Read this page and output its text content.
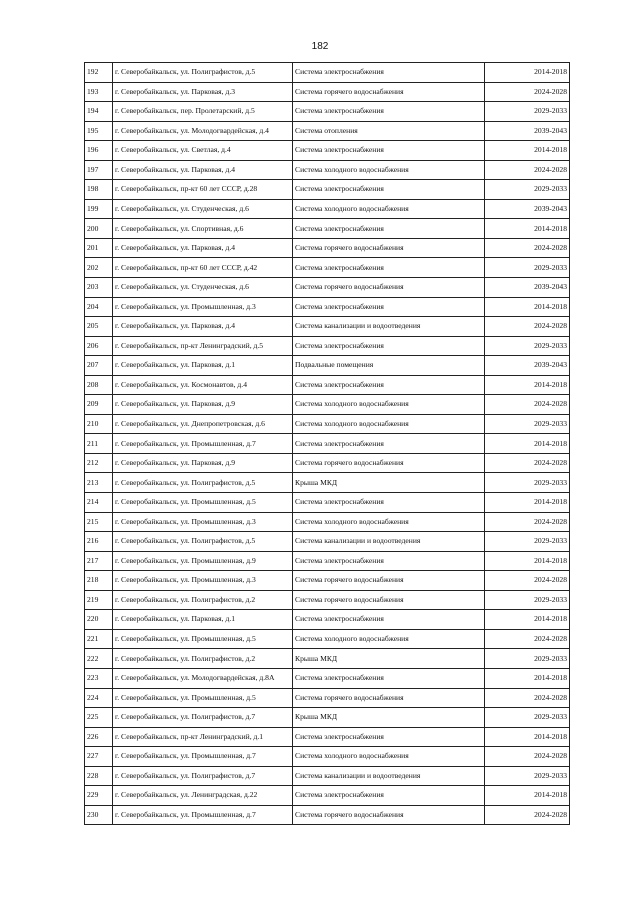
182
192	г. Северобайкальск, ул. Полиграфистов, д.5	Система электроснабжения	2014-2018
193	г. Северобайкальск, ул. Парковая, д.3	Система горячего водоснабжения	2024-2028
194	г. Северобайкальск, пер. Пролетарский, д.5	Система электроснабжения	2029-2033
195	г. Северобайкальск, ул. Молодогвардейская, д.4	Система отопления	2039-2043
196	г. Северобайкальск, ул. Светлая, д.4	Система электроснабжения	2014-2018
197	г. Северобайкальск, ул. Парковая, д.4	Система холодного водоснабжения	2024-2028
198	г. Северобайкальск, пр-кт 60 лет СССР, д.28	Система электроснабжения	2029-2033
199	г. Северобайкальск, ул. Студенческая, д.6	Система холодного водоснабжения	2039-2043
200	г. Северобайкальск, ул. Спортивная, д.6	Система электроснабжения	2014-2018
201	г. Северобайкальск, ул. Парковая, д.4	Система горячего водоснабжения	2024-2028
202	г. Северобайкальск, пр-кт 60 лет СССР, д.42	Система электроснабжения	2029-2033
203	г. Северобайкальск, ул. Студенческая, д.6	Система горячего водоснабжения	2039-2043
204	г. Северобайкальск, ул. Промышленная, д.3	Система электроснабжения	2014-2018
205	г. Северобайкальск, ул. Парковая, д.4	Система канализации и водоотведения	2024-2028
206	г. Северобайкальск, пр-кт Ленинградский, д.5	Система электроснабжения	2029-2033
207	г. Северобайкальск, ул. Парковая, д.1	Подвальные помещения	2039-2043
208	г. Северобайкальск, ул. Космонавтов, д.4	Система электроснабжения	2014-2018
209	г. Северобайкальск, ул. Парковая, д.9	Система холодного водоснабжения	2024-2028
210	г. Северобайкальск, ул. Днепропетровская, д.6	Система холодного водоснабжения	2029-2033
211	г. Северобайкальск, ул. Промышленная, д.7	Система электроснабжения	2014-2018
212	г. Северобайкальск, ул. Парковая, д.9	Система горячего водоснабжения	2024-2028
213	г. Северобайкальск, ул. Полиграфистов, д.5	Крыша МКД	2029-2033
214	г. Северобайкальск, ул. Промышленная, д.5	Система электроснабжения	2014-2018
215	г. Северобайкальск, ул. Промышленная, д.3	Система холодного водоснабжения	2024-2028
216	г. Северобайкальск, ул. Полиграфистов, д.5	Система канализации и водоотведения	2029-2033
217	г. Северобайкальск, ул. Промышленная, д.9	Система электроснабжения	2014-2018
218	г. Северобайкальск, ул. Промышленная, д.3	Система горячего водоснабжения	2024-2028
219	г. Северобайкальск, ул. Полиграфистов, д.2	Система горячего водоснабжения	2029-2033
220	г. Северобайкальск, ул. Парковая, д.1	Система электроснабжения	2014-2018
221	г. Северобайкальск, ул. Промышленная, д.5	Система холодного водоснабжения	2024-2028
222	г. Северобайкальск, ул. Полиграфистов, д.2	Крыша МКД	2029-2033
223	г. Северобайкальск, ул. Молодогвардейская, д.8А	Система электроснабжения	2014-2018
224	г. Северобайкальск, ул. Промышленная, д.5	Система горячего водоснабжения	2024-2028
225	г. Северобайкальск, ул. Полиграфистов, д.7	Крыша МКД	2029-2033
226	г. Северобайкальск, пр-кт Ленинградский, д.1	Система электроснабжения	2014-2018
227	г. Северобайкальск, ул. Промышленная, д.7	Система холодного водоснабжения	2024-2028
228	г. Северобайкальск, ул. Полиграфистов, д.7	Система канализации и водоотведения	2029-2033
229	г. Северобайкальск, ул. Ленинградская, д.22	Система электроснабжения	2014-2018
230	г. Северобайкальск, ул. Промышленная, д.7	Система горячего водоснабжения	2024-2028
